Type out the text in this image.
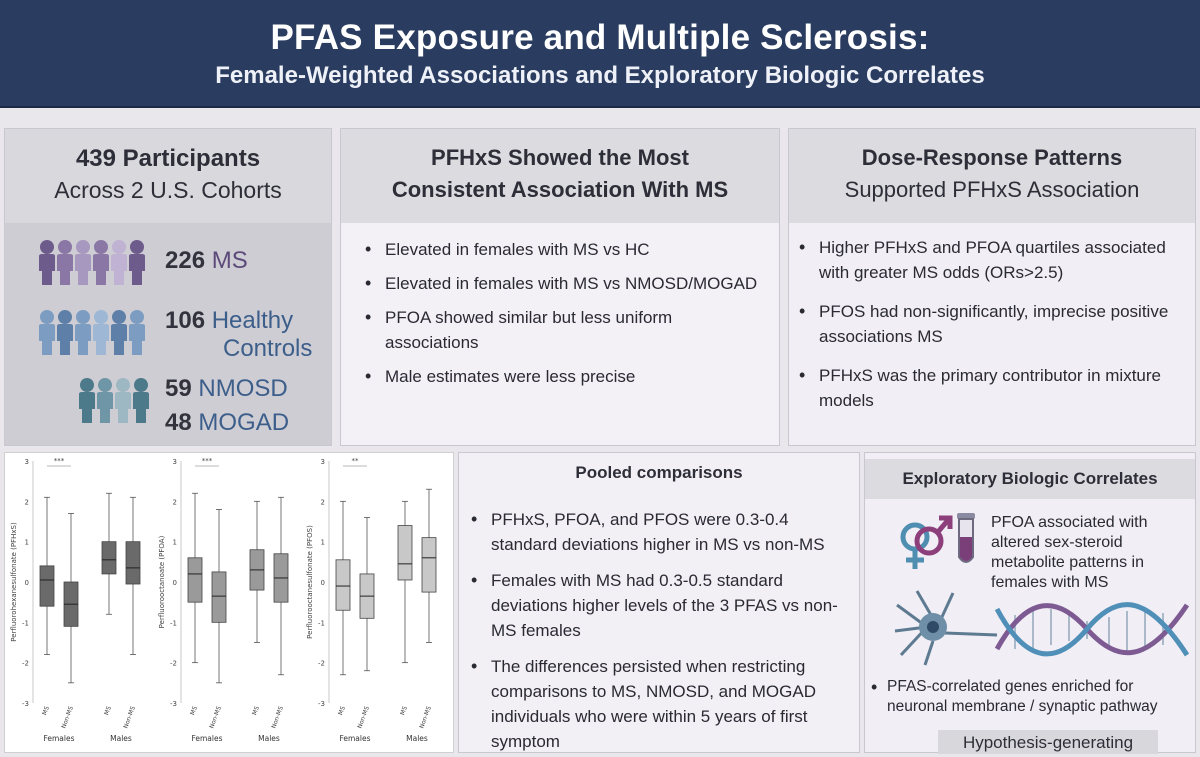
PFAS Exposure and Multiple Sclerosis:
Female-Weighted Associations and Exploratory Biologic Correlates
439 Participants
Across 2 U.S. Cohorts
226 MS
106 Healthy
Controls
59 NMOSD
48 MOGAD
PFHxS Showed the Most
Consistent Association With MS
• Elevated in females with MS vs HC
• Elevated in females with MS vs NMOSD/MOGAD
• PFOA showed similar but less uniform associations
• Male estimates were less precise
Dose-Response Patterns
Supported PFHxS Association
• Higher PFHxS and PFOA quartiles associated with greater MS odds (ORs>2.5)
• PFOS had non-significantly, imprecise positive associations MS
• PFHxS was the primary contributor in mixture models
-3
-2
-1
0
1
2
3
Perfluorohexanesulfonate (PFHxS)
MS Non-MS	MS Non-MS
Females	Males
***
-3
-2
-1
0
1
2
3
Perfluorooctanoate (PFOA)
MS Non-MS	MS Non-MS
Females	Males
***
-3
-2
-1
0
1
2
3
Perfluorooctanesulfonate (PFOS)
MS Non-MS	MS Non-MS
Females	Males
**
Pooled comparisons
• PFHxS, PFOA, and PFOS were 0.3-0.4 standard deviations higher in MS vs non-MS
• Females with MS had 0.3-0.5 standard deviations higher levels of the 3 PFAS vs non-MS females
• The differences persisted when restricting comparisons to MS, NMOSD, and MOGAD individuals who were within 5 years of first symptom
Exploratory Biologic Correlates
PFOA associated with altered sex-steroid metabolite patterns in females with MS
• PFAS-correlated genes enriched for neuronal membrane / synaptic pathway
Hypothesis-generating
